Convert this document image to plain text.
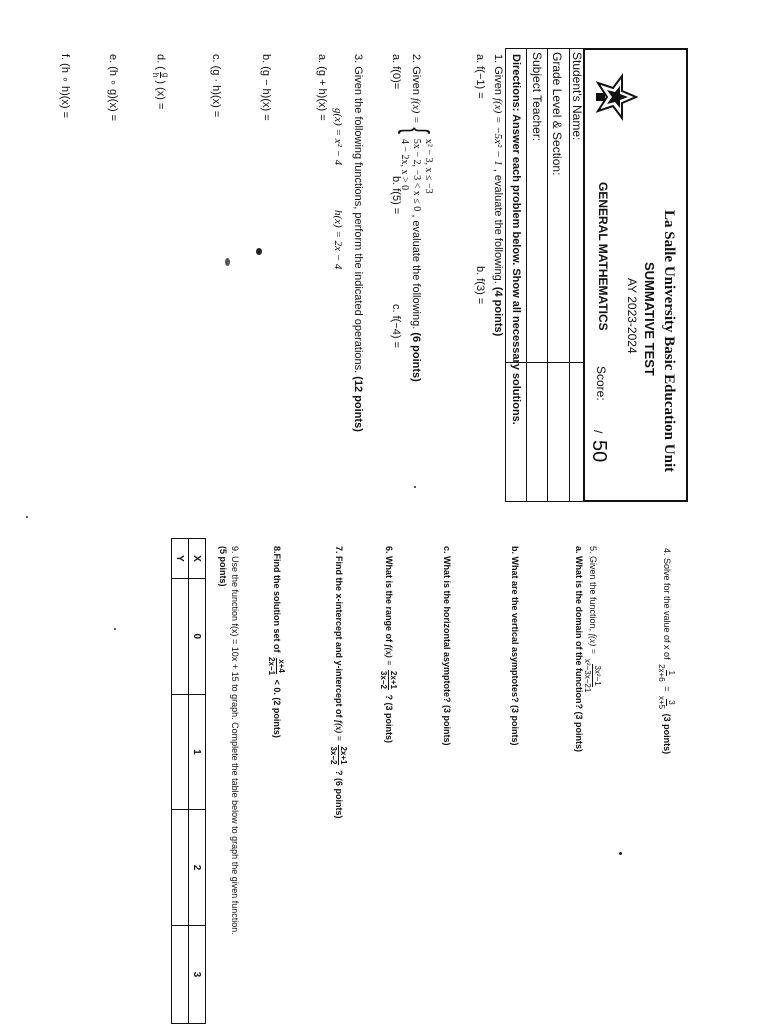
La Salle University Basic Education Unit
SUMMATIVE TEST
AY 2023-2024
GENERAL MATHEMATICS
Student's Name:
Grade Level & Section:
Subject Teacher:
Score:
/
50
Directions: Answer each problem below. Show all necessary solutions.
1. Given f(x) = −5x² − 1 , evaluate the following. (4 points)
a. f(−1) =
b. f(3) =
2. Given
f(x) =
{
x² − 3, x ≤ −3
5x − 2, −3 < x ≤ 0
4 − 2x, x > 0
, evaluate the following. (6 points)
a. f(0)=
b. f(5) =
c. f(−4) =
3. Given the following functions, perform the indicated operations. (12 points)
g(x) = x² − 4
h(x) = 2x − 4
a. (g + h)(x) =
b. (g − h)(x) =
c. (g · h)(x) =
d. (
g
h
) (x) =
e. (h ∘ g)(x) =
f. (h ∘ h)(x) =
4. Solve for the value of x of
1
2x+6
=
3
x+5
(3 points)
5. Given the function, f(x) =
3x²−1
x²−3x−21
a. What is the domain of the function? (3 points)
b. What are the vertical asymptotes? (3 points)
c. What is the horizontal asymptote? (3 points)
6. What is the range of f(x) =
2x+1
3x−2
? (3 points)
7. Find the x-intercept and y-intercept of f(x) =
2x+1
3x−2
? (6 points)
8.Find the solution set of
x+4
2x−1
< 0. (2 points)
9. Use the function f(x) = 10x + 15 to graph. Complete the table below to graph the given function.
(5 points)
X	0	1	2	3
Y				
